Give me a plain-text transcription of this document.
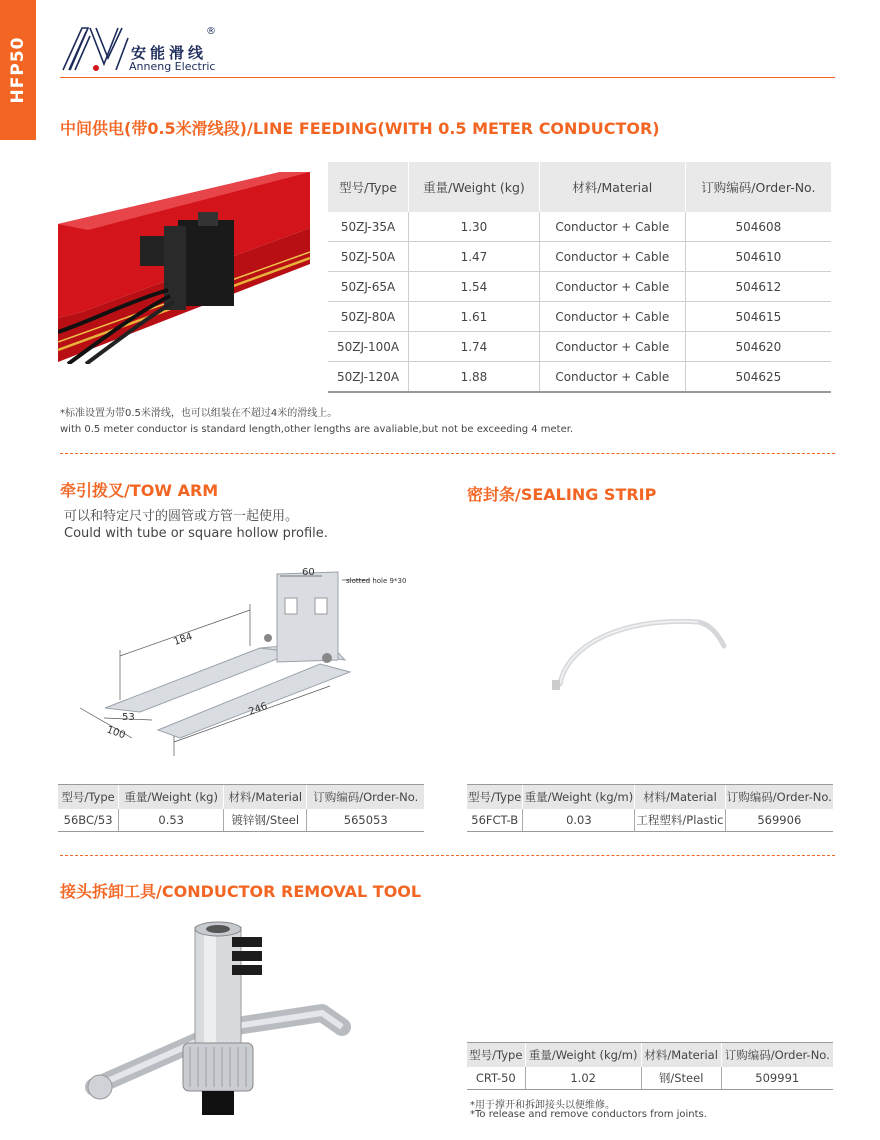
HFP50	安能滑线
Anneng Electric
®
中间供电(带0.5米滑线段)/LINE FEEDING(WITH 0.5 METER CONDUCTOR)
型号/Type	重量/Weight (kg)	材料/Material	订购编码/Order-No.
50ZJ-35A	1.30	Conductor + Cable	504608
50ZJ-50A	1.47	Conductor + Cable	504610
50ZJ-65A	1.54	Conductor + Cable	504612
50ZJ-80A	1.61	Conductor + Cable	504615
50ZJ-100A	1.74	Conductor + Cable	504620
50ZJ-120A	1.88	Conductor + Cable	504625
*标准设置为带0.5米滑线，也可以组装在不超过4米的滑线上。
with 0.5 meter conductor is standard length,other lengths are avaliable,but not be exceeding 4 meter.
牵引拨叉/TOW ARM
可以和特定尺寸的圆管或方管一起使用。
Could with tube or square hollow profile.
60
slotted hole 9*30
184
53
100
246
型号/Type	重量/Weight (kg)	材料/Material	订购编码/Order-No.
56BC/53	0.53	镀锌钢/Steel	565053
密封条/SEALING STRIP
型号/Type	重量/Weight (kg/m)	材料/Material	订购编码/Order-No.
56FCT-B	0.03	工程塑料/Plastic	569906
接头拆卸工具/CONDUCTOR REMOVAL TOOL
型号/Type	重量/Weight (kg/m)	材料/Material	订购编码/Order-No.
CRT-50	1.02	钢/Steel	509991
*用于撑开和拆卸接头以便维修。
*To release and remove conductors from joints.
